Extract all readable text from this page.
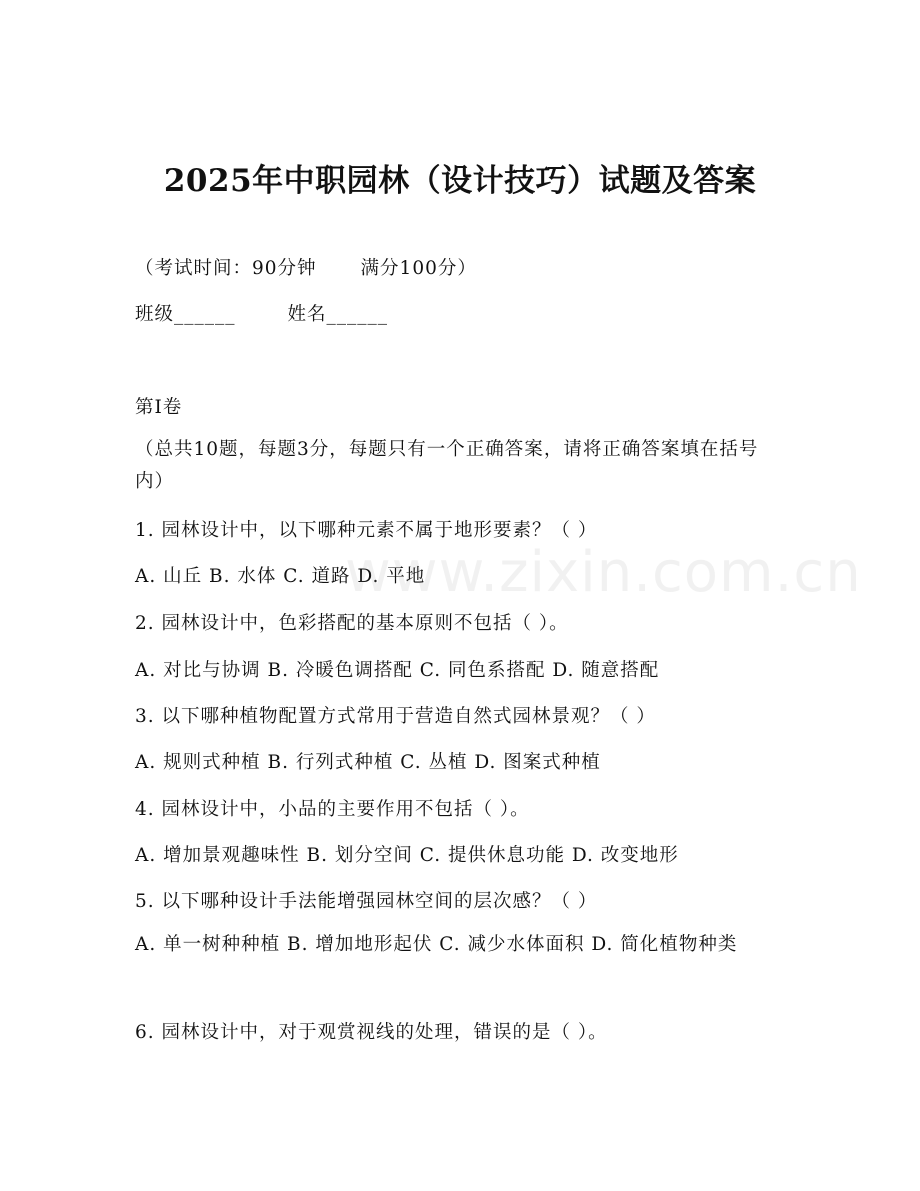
2025年中职园林（设计技巧）试题及答案
（考试时间：90分钟 满分100分）
班级______	姓名______
第Ⅰ卷
（总共10题，每题3分，每题只有一个正确答案，请将正确答案填在括号内）
1. 园林设计中，以下哪种元素不属于地形要素？（ ）
A. 山丘 B. 水体 C. 道路 D. 平地
2. 园林设计中，色彩搭配的基本原则不包括（ ）。
A. 对比与协调 B. 冷暖色调搭配 C. 同色系搭配 D. 随意搭配
3. 以下哪种植物配置方式常用于营造自然式园林景观？（ ）
A. 规则式种植 B. 行列式种植 C. 丛植 D. 图案式种植
4. 园林设计中，小品的主要作用不包括（ ）。
A. 增加景观趣味性 B. 划分空间 C. 提供休息功能 D. 改变地形
5. 以下哪种设计手法能增强园林空间的层次感？（ ）
A. 单一树种种植 B. 增加地形起伏 C. 减少水体面积 D. 简化植物种类
6. 园林设计中，对于观赏视线的处理，错误的是（ ）。
www.zixin.com.cn
